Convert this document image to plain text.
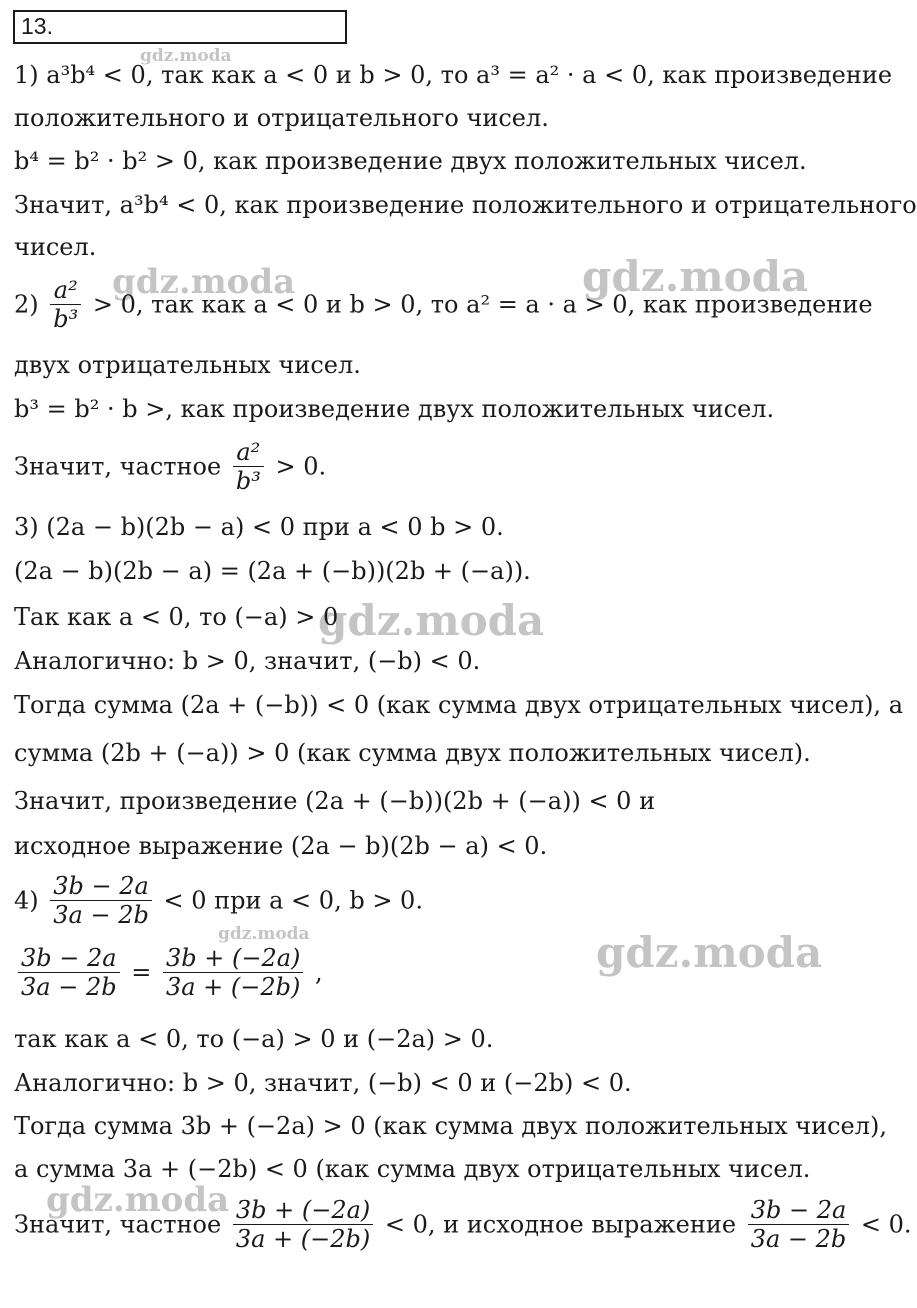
13.
gdz.moda
gdz.moda	gdz.moda
gdz.moda
gdz.moda	gdz.moda
gdz.moda
1) a³b⁴ < 0, так как a < 0 и b > 0, то a³ = a² · a < 0, как произведение
положительного и отрицательного чисел.
b⁴ = b² · b² > 0, как произведение двух положительных чисел.
Значит, a³b⁴ < 0, как произведение положительного и отрицательного
чисел.
$2) \frac{\text{a²}}{\text{b³}} > 0$, так как a < 0 и b > 0, то a² = a · a > 0, как произведение
двух отрицательных чисел.
b³ = b² · b >, как произведение двух положительных чисел.
Значит, частное $\frac{\text{a²}}{\text{b³}} > 0$.
3) (2a − b)(2b − a) < 0 при a < 0 b > 0.
(2a − b)(2b − a) = (2a + (−b))(2b + (−a)).
Так как a < 0, то (−a) > 0
Аналогично: b > 0, значит, (−b) < 0.
Тогда сумма (2a + (−b)) < 0 (как сумма двух отрицательных чисел), а
сумма (2b + (−a)) > 0 (как сумма двух положительных чисел).
Значит, произведение (2a + (−b))(2b + (−a)) < 0 и
исходное выражение (2a − b)(2b − a) < 0.
$4) \frac{3b - 2a}{3a - 2b} < 0$ при a < 0, b > 0.
$\frac{3b - 2a}{3a - 2b} = \frac{3b + (-2a)}{3a + (-2b)}$ ,
так как a < 0, то (−a) > 0 и (−2a) > 0.
Аналогично: b > 0, значит, (−b) < 0 и (−2b) < 0.
Тогда сумма 3b + (−2a) > 0 (как сумма двух положительных чисел),
а сумма 3a + (−2b) < 0 (как сумма двух отрицательных чисел.
Значит, частное $\frac{3b + (-2a)}{3a + (-2b)} < 0$, и исходное выражение $\frac{3b - 2a}{3a - 2b} < 0$.
